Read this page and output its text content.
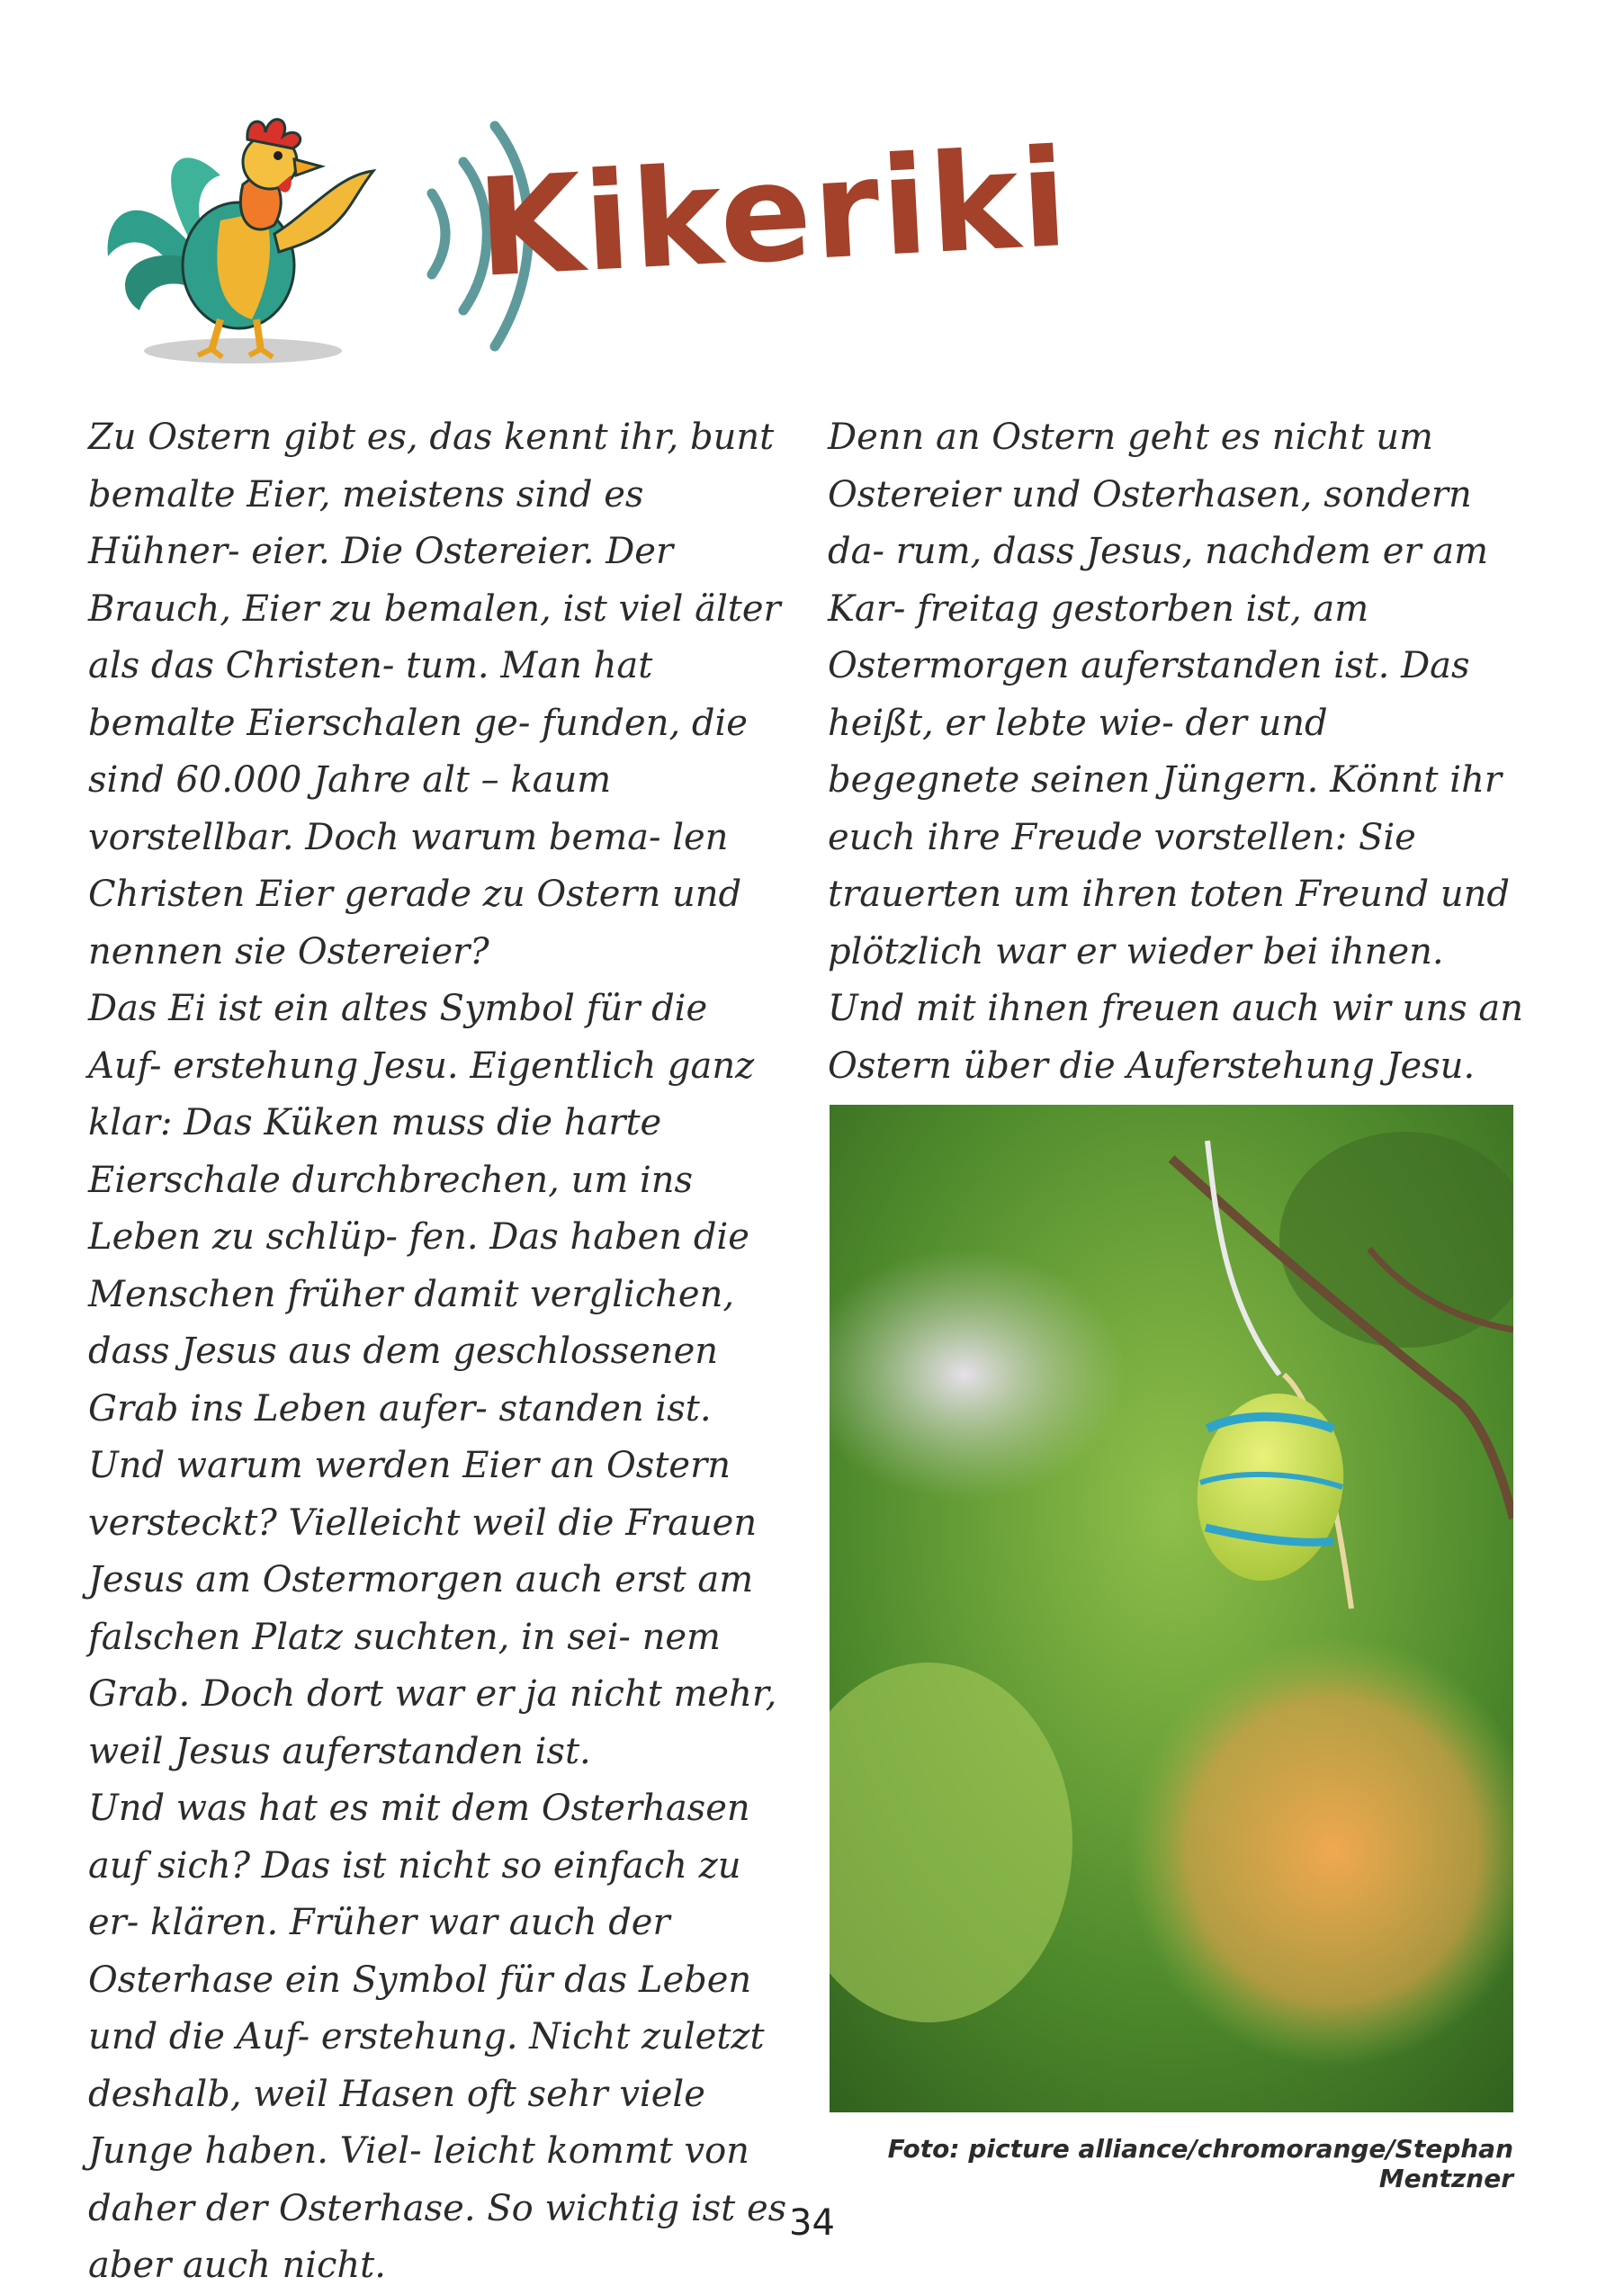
Kikeriki

Zu Ostern gibt es, das kennt ihr, bunt bemalte Eier, meistens sind es Hühner- eier. Die Ostereier. Der Brauch, Eier zu bemalen, ist viel älter als das Christen- tum. Man hat bemalte Eierschalen ge- funden, die sind 60.000 Jahre alt – kaum vorstellbar. Doch warum bema- len Christen Eier gerade zu Ostern und nennen sie Ostereier?

Das Ei ist ein altes Symbol für die Auf- erstehung Jesu. Eigentlich ganz klar: Das Küken muss die harte Eierschale durchbrechen, um ins Leben zu schlüp- fen. Das haben die Menschen früher damit verglichen, dass Jesus aus dem geschlossenen Grab ins Leben aufer- standen ist. Und warum werden Eier an Ostern versteckt? Vielleicht weil die Frauen Jesus am Ostermorgen auch erst am falschen Platz suchten, in sei- nem Grab. Doch dort war er ja nicht mehr, weil Jesus auferstanden ist.

Und was hat es mit dem Osterhasen auf sich? Das ist nicht so einfach zu er- klären. Früher war auch der Osterhase ein Symbol für das Leben und die Auf- erstehung. Nicht zuletzt deshalb, weil Hasen oft sehr viele Junge haben. Viel- leicht kommt von daher der Osterhase. So wichtig ist es aber auch nicht.

Denn an Ostern geht es nicht um Ostereier und Osterhasen, sondern da- rum, dass Jesus, nachdem er am Kar- freitag gestorben ist, am Ostermorgen auferstanden ist. Das heißt, er lebte wie- der und begegnete seinen Jüngern. Könnt ihr euch ihre Freude vorstellen: Sie trauerten um ihren toten Freund und plötzlich war er wieder bei ihnen. Und mit ihnen freuen auch wir uns an Ostern über die Auferstehung Jesu.

Foto: picture alliance/chromorange/Stephan Mentzner
34
